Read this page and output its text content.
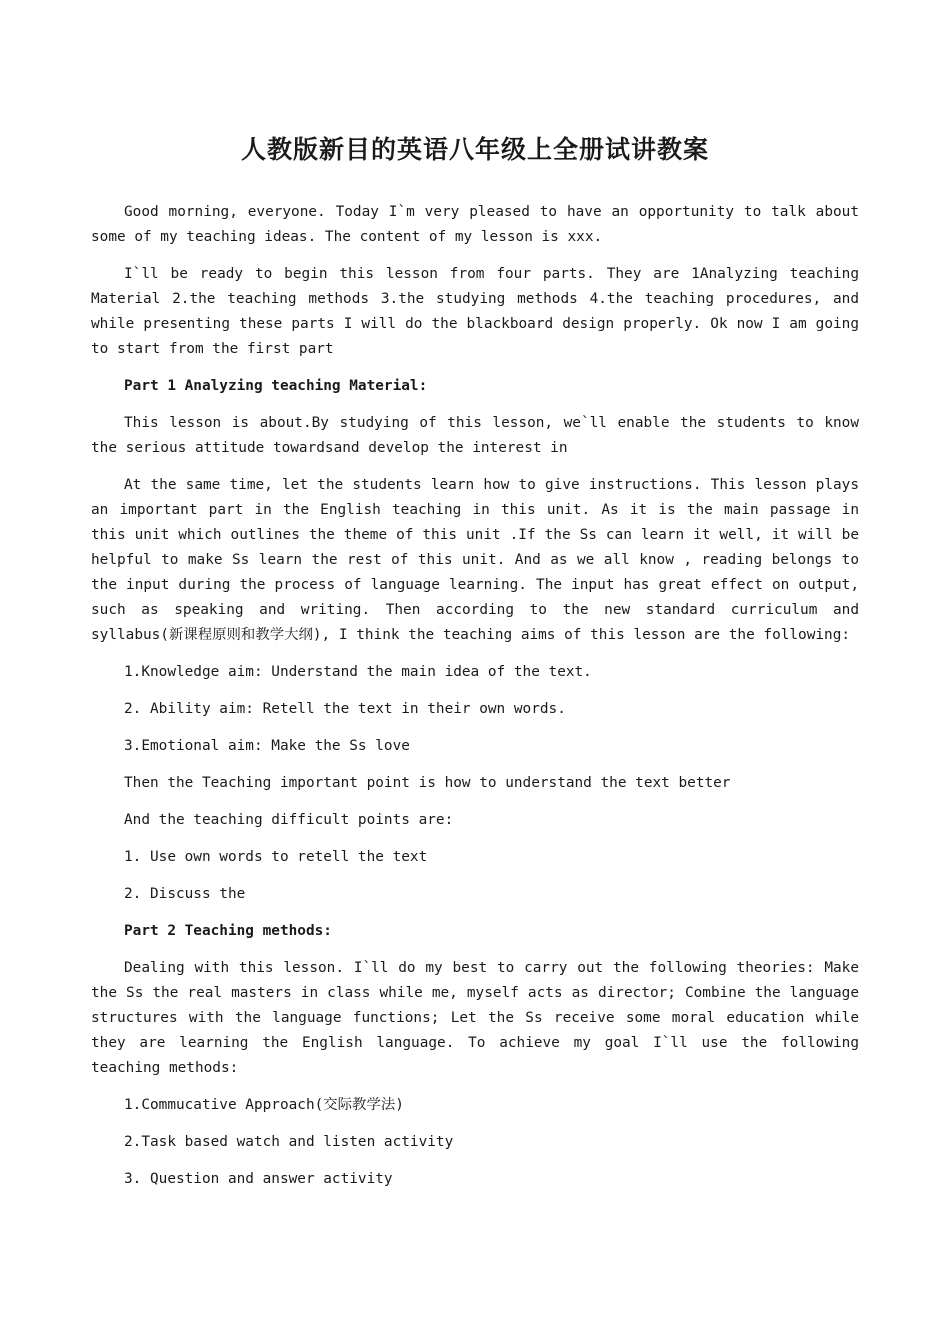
人教版新目的英语八年级上全册试讲教案

Good morning, everyone. Today I`m very pleased to have an opportunity to talk about some of my teaching ideas. The content of my lesson is xxx.

I`ll be ready to begin this lesson from four parts. They are 1Analyzing teaching Material 2.the teaching methods 3.the studying methods 4.the teaching procedures, and while presenting these parts I will do the blackboard design properly. Ok now I am going to start from the first part

Part 1 Analyzing teaching Material:

This lesson is about.By studying of this lesson, we`ll enable the students to know the serious attitude towardsand develop the interest in

At the same time, let the students learn how to give instructions. This lesson plays an important part in the English teaching in this unit. As it is the main passage in this unit which outlines the theme of this unit .If the Ss can learn it well, it will be helpful to make Ss learn the rest of this unit. And as we all know , reading belongs to the input during the process of language learning. The input has great effect on output, such as speaking and writing. Then according to the new standard curriculum and syllabus(新课程原则和教学大纲), I think the teaching aims of this lesson are the following:

1.Knowledge aim: Understand the main idea of the text.

2. Ability aim: Retell the text in their own words.

3.Emotional aim: Make the Ss love

Then the Teaching important point is how to understand the text better

And the teaching difficult points are:

1. Use own words to retell the text

2. Discuss the

Part 2 Teaching methods:

Dealing with this lesson. I`ll do my best to carry out the following theories: Make the Ss the real masters in class while me, myself acts as director; Combine the language structures with the language functions; Let the Ss receive some moral education while they are learning the English language. To achieve my goal I`ll use the following teaching methods:

1.Commucative Approach(交际教学法)

2.Task based watch and listen activity

3. Question and answer activity
